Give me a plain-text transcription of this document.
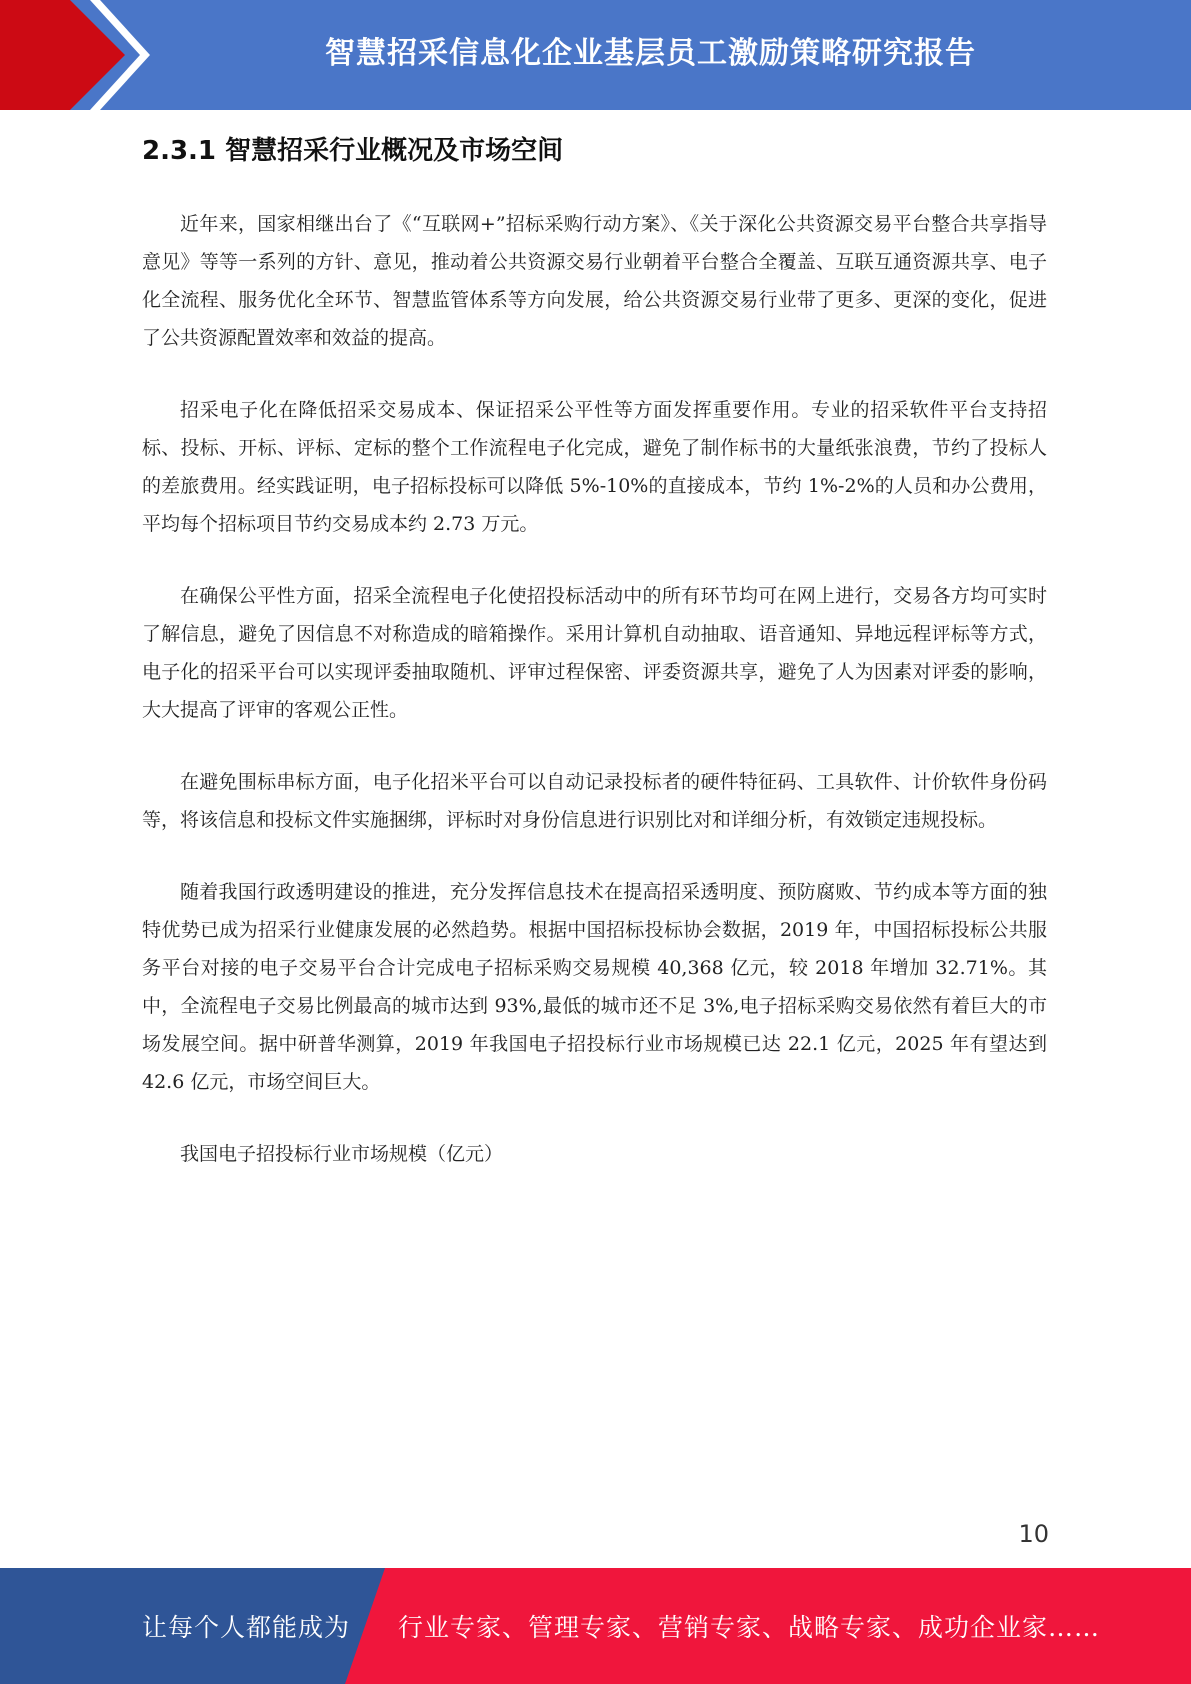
智慧招采信息化企业基层员工激励策略研究报告
2.3.1 智慧招采行业概况及市场空间

近年来，国家相继出台了《“互联网+”招标采购行动方案》、《关于深化公共资源交易平台整合共享指导意见》等等一系列的方针、意见，推动着公共资源交易行业朝着平台整合全覆盖、互联互通资源共享、电子化全流程、服务优化全环节、智慧监管体系等方向发展，给公共资源交易行业带了更多、更深的变化，促进了公共资源配置效率和效益的提高。

招采电子化在降低招采交易成本、保证招采公平性等方面发挥重要作用。专业的招采软件平台支持招标、投标、开标、评标、定标的整个工作流程电子化完成，避免了制作标书的大量纸张浪费，节约了投标人的差旅费用。经实践证明，电子招标投标可以降低 5%-10%的直接成本，节约 1%-2%的人员和办公费用，平均每个招标项目节约交易成本约 2.73 万元。

在确保公平性方面，招采全流程电子化使招投标活动中的所有环节均可在网上进行，交易各方均可实时了解信息，避免了因信息不对称造成的暗箱操作。采用计算机自动抽取、语音通知、异地远程评标等方式，电子化的招采平台可以实现评委抽取随机、评审过程保密、评委资源共享，避免了人为因素对评委的影响，大大提高了评审的客观公正性。

在避免围标串标方面，电子化招米平台可以自动记录投标者的硬件特征码、工具软件、计价软件身份码等，将该信息和投标文件实施捆绑，评标时对身份信息进行识别比对和详细分析，有效锁定违规投标。

随着我国行政透明建设的推进，充分发挥信息技术在提高招采透明度、预防腐败、节约成本等方面的独特优势已成为招采行业健康发展的必然趋势。根据中国招标投标协会数据，2019 年，中国招标投标公共服务平台对接的电子交易平台合计完成电子招标采购交易规模 40,368 亿元，较 2018 年增加 32.71%。其中，全流程电子交易比例最高的城市达到 93%,最低的城市还不足 3%,电子招标采购交易依然有着巨大的市场发展空间。据中研普华测算，2019 年我国电子招投标行业市场规模已达 22.1 亿元，2025 年有望达到 42.6 亿元，市场空间巨大。

我国电子招投标行业市场规模（亿元）

10
让每个人都能成为 行业专家、管理专家、营销专家、战略专家、成功企业家……
